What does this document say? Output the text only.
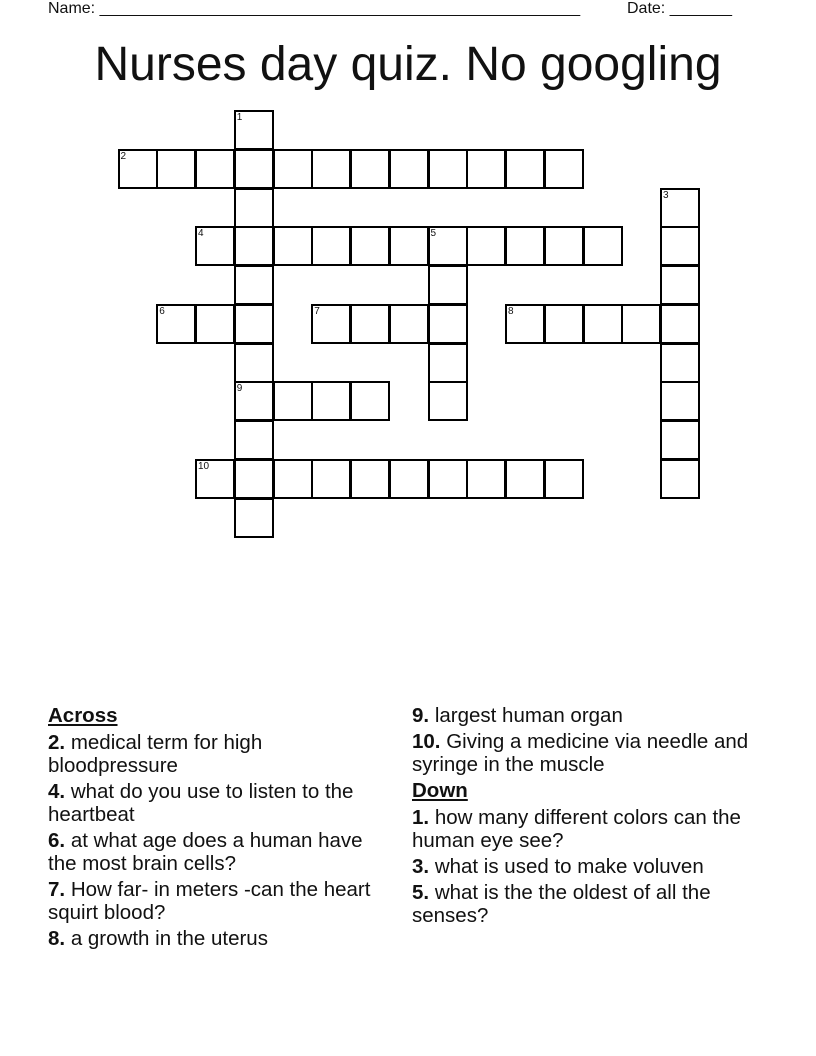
Name: ______________________________________________________	Date: _______
Nurses day quiz. No googling
1
2
3
4	5
6	7	8
9
10
Across
2. medical term for high bloodpressure
4. what do you use to listen to the heartbeat
6. at what age does a human have the most brain cells?
7. How far- in meters -can the heart squirt blood?
8. a growth in the uterus
9. largest human organ
10. Giving a medicine via needle and syringe in the muscle
Down
1. how many different colors can the human eye see?
3. what is used to make voluven
5. what is the the oldest of all the senses?
